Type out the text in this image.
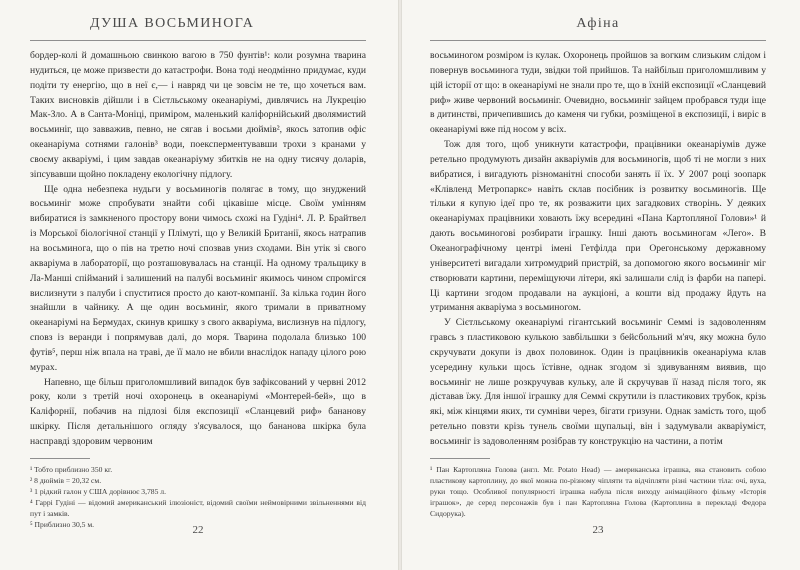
ДУША ВОСЬМИНОГА

бордер-колі й домашньою свинкою вагою в 750 фунтів¹: коли розумна тварина нудиться, це може призвести до катастрофи. Вона тоді неодмінно придумає, куди подіти ту енергію, що в неї є,— і навряд чи це зовсім не те, що хочеться вам. Таких висновків дійшли і в Сієтльському океанаріумі, дивлячись на Лукрецію Мак-Зло. А в Санта-Моніці, приміром, маленький каліфорнійський дволямистий восьминіг, що завважив, певно, не сягав і восьми дюймів², якось затопив офіс океанаріума сотнями галонів³ води, поексперментувавши трохи з кранами у своєму акваріумі, і цим завдав океанаріуму збитків не на одну тисячу доларів, зіпсувавши щойно покладену екологічну підлогу.

Ще одна небезпека нудьги у восьминогів полягає в тому, що знуджений восьминіг може спробувати знайти собі цікавіше місце. Своїм умінням вибиратися із замкненого простору вони чимось схожі на Гудіні⁴. Л. Р. Брайтвел із Морської біологічної станції у Плімуті, що у Великій Британії, якось натрапив на восьминога, що о пів на третю ночі спозвав униз сходами. Він утік зі свого акваріума в лабораторії, що розташовувалась на станції. На одному тральщику в Ла-Манші спійманий і залишений на палубі восьминіг якимось чином спромігся вислизнути з палуби і спуститися просто до кают-компанії. За кілька годин його знайшли в чайнику. А ще один восьминіг, якого тримали в приватному океанаріумі на Бермудах, скинув кришку з свого акваріума, вислизнув на підлогу, сповз із веранди і попрямував далі, до моря. Тварина подолала близько 100 футів⁵, перш ніж впала на траві, де її мало не вбили внаслідок нападу цілого рою мурах.

Напевно, ще більш приголомшливий випадок був зафіксований у червні 2012 року, коли з третій ночі охоронець в океанаріумі «Монтерей-бей», що в Каліфорнії, побачив на підлозі біля експозиції «Сланцевий риф» банановy шкірку. Після детальнішого огляду з'ясувалося, що бананова шкірка була насправді здоровим червоним

¹ Тобто приблизно 350 кг.

² 8 дюймів = 20,32 см.

³ 1 рідкий галон у США дорівнює 3,785 л.

⁴ Гаррі Гудіні — відомий американський ілюзіоніст, відомий своїми неймовірними звільненнями від пут і замків.

⁵ Приблизно 30,5 м.	22
Афіна

восьминогом розміром із кулак. Охоронець пройшов за вогким слизьким слідом і повернув восьминога туди, звідки той прийшов. Та найбільш приголомшливим у цій історії от що: в океанаріумі не знали про те, що в їхній експозиції «Сланцевий риф» живе червоний восьминіг. Очевидно, восьминіг зайцем пробрався туди іще в дитинстві, причепившись до каменя чи губки, розміщеної в експозиції, і виріс в океанаріумі вже під носом у всіх.

Тож для того, щоб уникнути катастрофи, працівники океанаріумів дуже ретельно продумують дизайн акваріумів для восьминогів, щоб ті не могли з них вибратися, і вигадують різноманітні способи занять ії їх. У 2007 році зоопарк «Клівленд Метропаркс» навіть склав посібник із розвитку восьминогів. Ще тільки я купую ідеї про те, як розважити цих загадкових створінь. У деяких океанаріумах працівники ховають їжу всередині «Пана Картопляної Голови»¹ й дають восьминогові розбирати іграшку. Інші дають восьминогам «Лего». В Океанографічному центрі імені Гетфілда при Орегонському державному університеті вигадали хитромудрий пристрій, за допомогою якого восьминіг міг створювати картини, переміщуючи літери, які залишали слід із фарби на папері. Ці картини згодом продавали на аукціоні, а кошти від продажу йдуть на утримання акваріума з восьминогом.

У Сієтльському океанаріумі гігантський восьминіг Семмі із задоволенням гравсь з пластиковою кулькою завбільшки з бейсбольний м'яч, яку можна було скручувати докупи із двох половинок. Один із працівників океанаріума клав усередину кульки щось їстівне, однак згодом зі здивуванням виявив, що восьминіг не лише розкручував кульку, але й скручував її назад після того, як діставав їжу. Для іншої іграшку для Семмі скрутили із пластикових трубок, крізь які, між кінцями яких, ти сумніви через, бігати гризуни. Однак замість того, щоб ретельно повзти крізь тунель своїми щупальці, він і задумували акваріуміст, восьминіг із задоволенням розібрав ту конструкцію на частини, а потім

¹ Пан Картопляна Голова (англ. Mr. Potato Head) — американська іграшка, яка становить собою пластикову картоплину, до якої можна по-різному чіпляти та відчіпляти різні частини тіла: очі, вуха, руки тощо. Особливої популярності іграшка набула після виходу анімаційного фільму «Історія іграшок», де серед персонажів був і пан Картопляна Голова (Картоплина в перекладі Федора Сидорука).

23
